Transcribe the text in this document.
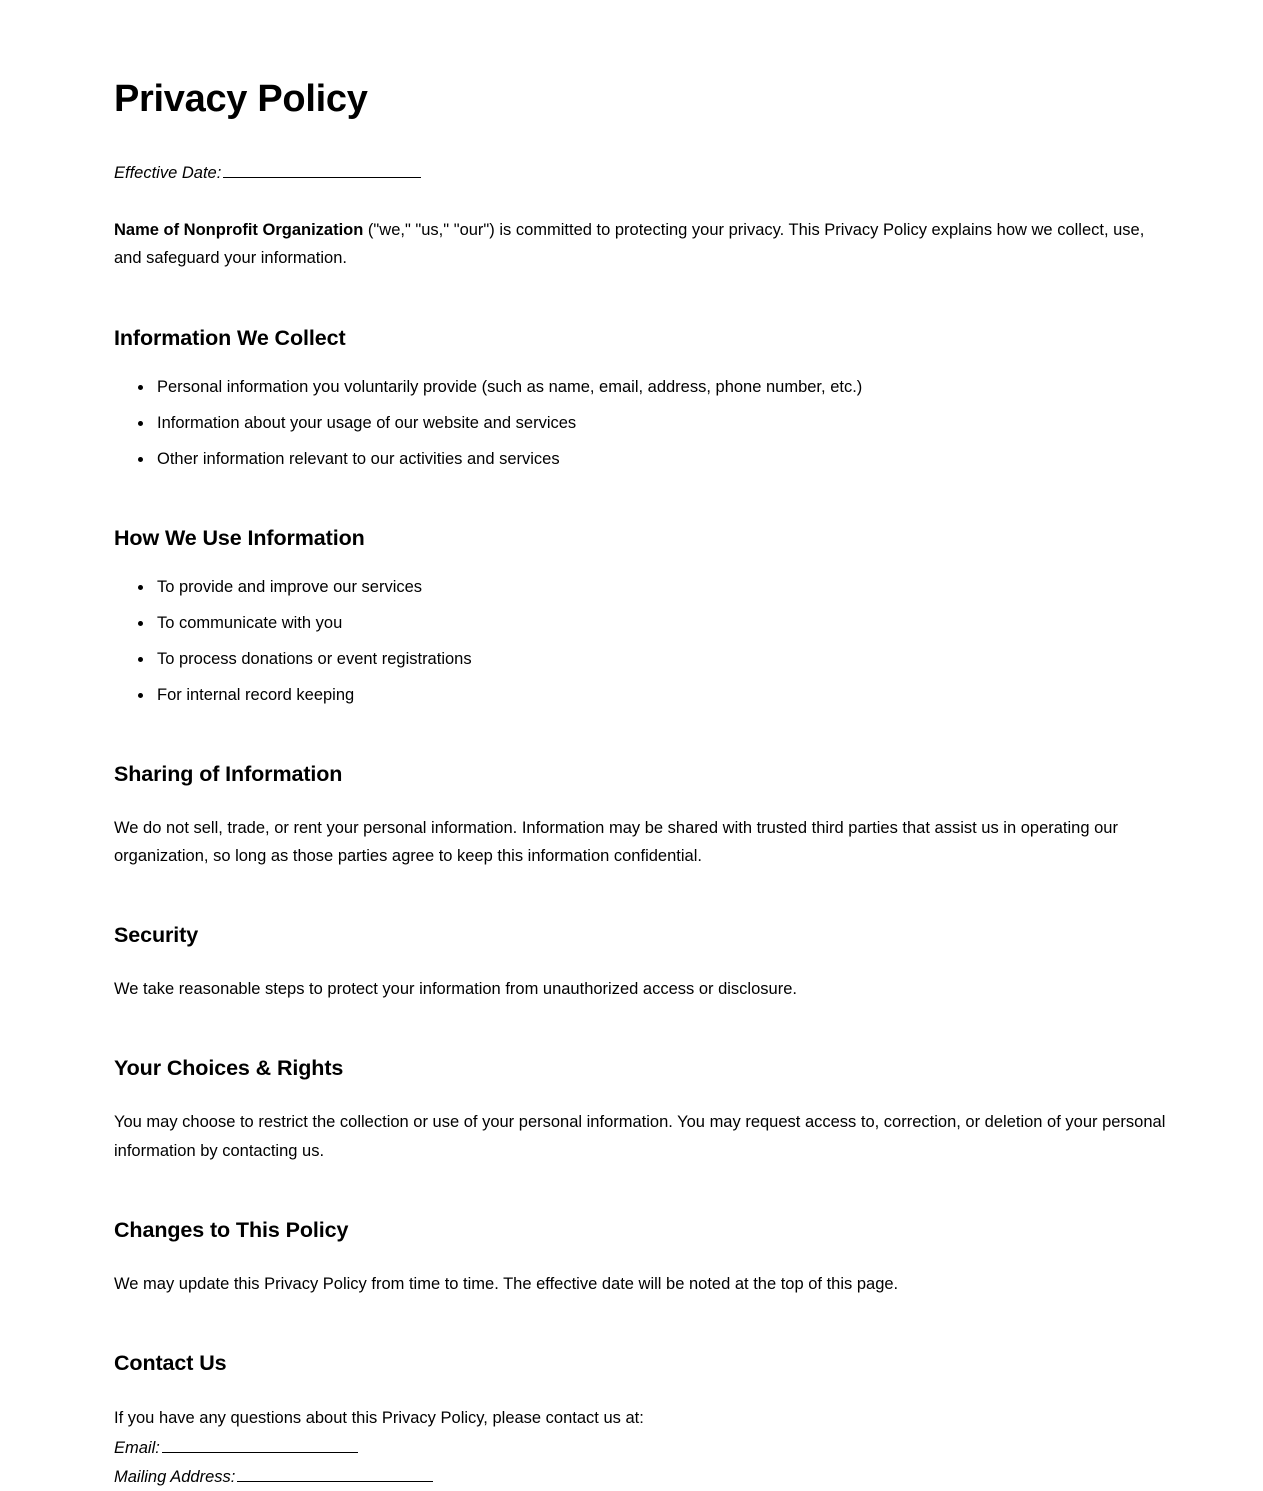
Privacy Policy

Effective Date:

Name of Nonprofit Organization ("we," "us," "our") is committed to protecting your privacy. This Privacy Policy explains how we collect, use, and safeguard your information.

Information We Collect
Personal information you voluntarily provide (such as name, email, address, phone number, etc.)
Information about your usage of our website and services
Other information relevant to our activities and services
How We Use Information
To provide and improve our services
To communicate with you
To process donations or event registrations
For internal record keeping
Sharing of Information

We do not sell, trade, or rent your personal information. Information may be shared with trusted third parties that assist us in operating our organization, so long as those parties agree to keep this information confidential.

Security

We take reasonable steps to protect your information from unauthorized access or disclosure.

Your Choices & Rights

You may choose to restrict the collection or use of your personal information. You may request access to, correction, or deletion of your personal information by contacting us.

Changes to This Policy

We may update this Privacy Policy from time to time. The effective date will be noted at the top of this page.

Contact Us
If you have any questions about this Privacy Policy, please contact us at:
Email:
Mailing Address:
